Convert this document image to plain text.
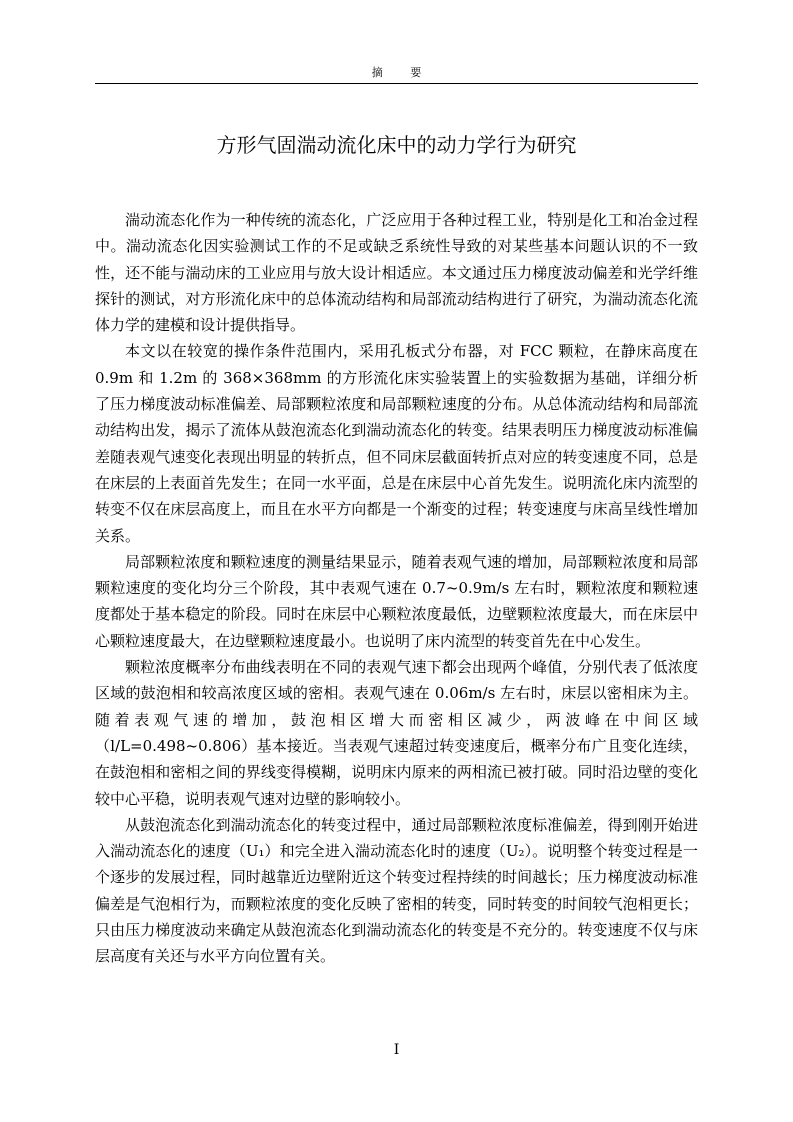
摘 要
方形气固湍动流化床中的动力学行为研究

湍动流态化作为一种传统的流态化，广泛应用于各种过程工业，特别是化工和冶金过程中。湍动流态化因实验测试工作的不足或缺乏系统性导致的对某些基本问题认识的不一致性，还不能与湍动床的工业应用与放大设计相适应。本文通过压力梯度波动偏差和光学纤维探针的测试，对方形流化床中的总体流动结构和局部流动结构进行了研究，为湍动流态化流体力学的建模和设计提供指导。

本文以在较宽的操作条件范围内，采用孔板式分布器，对 FCC 颗粒，在静床高度在 0.9m 和 1.2m 的 368×368mm 的方形流化床实验装置上的实验数据为基础，详细分析了压力梯度波动标准偏差、局部颗粒浓度和局部颗粒速度的分布。从总体流动结构和局部流动结构出发，揭示了流体从鼓泡流态化到湍动流态化的转变。结果表明压力梯度波动标准偏差随表观气速变化表现出明显的转折点，但不同床层截面转折点对应的转变速度不同，总是在床层的上表面首先发生；在同一水平面，总是在床层中心首先发生。说明流化床内流型的转变不仅在床层高度上，而且在水平方向都是一个渐变的过程；转变速度与床高呈线性增加关系。

局部颗粒浓度和颗粒速度的测量结果显示，随着表观气速的增加，局部颗粒浓度和局部颗粒速度的变化均分三个阶段，其中表观气速在 0.7~0.9m/s 左右时，颗粒浓度和颗粒速度都处于基本稳定的阶段。同时在床层中心颗粒浓度最低，边壁颗粒浓度最大，而在床层中心颗粒速度最大，在边壁颗粒速度最小。也说明了床内流型的转变首先在中心发生。

颗粒浓度概率分布曲线表明在不同的表观气速下都会出现两个峰值，分别代表了低浓度区域的鼓泡相和较高浓度区域的密相。表观气速在 0.06m/s 左右时，床层以密相床为主。随着表观气速的增加，鼓泡相区增大而密相区减少，两波峰在中间区域（l/L=0.498~0.806）基本接近。当表观气速超过转变速度后，概率分布广且变化连续，在鼓泡相和密相之间的界线变得模糊，说明床内原来的两相流已被打破。同时沿边壁的变化较中心平稳，说明表观气速对边壁的影响较小。

从鼓泡流态化到湍动流态化的转变过程中，通过局部颗粒浓度标准偏差，得到刚开始进入湍动流态化的速度（U₁）和完全进入湍动流态化时的速度（U₂）。说明整个转变过程是一个逐步的发展过程，同时越靠近边壁附近这个转变过程持续的时间越长；压力梯度波动标准偏差是气泡相行为，而颗粒浓度的变化反映了密相的转变，同时转变的时间较气泡相更长；只由压力梯度波动来确定从鼓泡流态化到湍动流态化的转变是不充分的。转变速度不仅与床层高度有关还与水平方向位置有关。

I
